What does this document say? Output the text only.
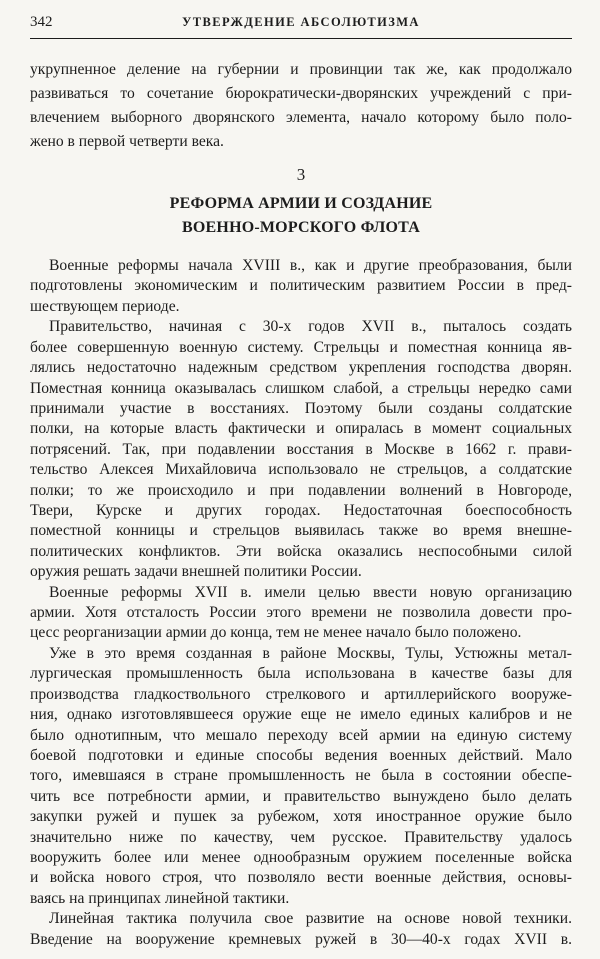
342	УТВЕРЖДЕНИЕ АБСОЛЮТИЗМА
укрупненное деление на губернии и провинции так же, как продолжало
развиваться то сочетание бюрократически-дворянских учреждений с при-
влечением выборного дворянского элемента, начало которому было поло-
жено в первой четверти века.
3
РЕФОРМА АРМИИ И СОЗДАНИЕ
ВОЕННО-МОРСКОГО ФЛОТА
Военные реформы начала XVIII в., как и другие преобразования, были
подготовлены экономическим и политическим развитием России в пред-
шествующем периоде.
Правительство, начиная с 30-х годов XVII в., пыталось создать
более совершенную военную систему. Стрельцы и поместная конница яв-
лялись недостаточно надежным средством укрепления господства дворян.
Поместная конница оказывалась слишком слабой, а стрельцы нередко сами
принимали участие в восстаниях. Поэтому были созданы солдатские
полки, на которые власть фактически и опиралась в момент социальных
потрясений. Так, при подавлении восстания в Москве в 1662 г. прави-
тельство Алексея Михайловича использовало не стрельцов, а солдатские
полки; то же происходило и при подавлении волнений в Новгороде,
Твери, Курске и других городах. Недостаточная боеспособность
поместной конницы и стрельцов выявилась также во время внешне-
политических конфликтов. Эти войска оказались неспособными силой
оружия решать задачи внешней политики России.
Военные реформы XVII в. имели целью ввести новую организацию
армии. Хотя отсталость России этого времени не позволила довести про-
цесс реорганизации армии до конца, тем не менее начало было положено.
Уже в это время созданная в районе Москвы, Тулы, Устюжны метал-
лургическая промышленность была использована в качестве базы для
производства гладкоствольного стрелкового и артиллерийского вооруже-
ния, однако изготовлявшееся оружие еще не имело единых калибров и не
было однотипным, что мешало переходу всей армии на единую систему
боевой подготовки и единые способы ведения военных действий. Мало
того, имевшаяся в стране промышленность не была в состоянии обеспе-
чить все потребности армии, и правительство вынуждено было делать
закупки ружей и пушек за рубежом, хотя иностранное оружие было
значительно ниже по качеству, чем русское. Правительству удалось
вооружить более или менее однообразным оружием поселенные войска
и войска нового строя, что позволяло вести военные действия, основы-
ваясь на принципах линейной тактики.
Линейная тактика получила свое развитие на основе новой техники.
Введение на вооружение кремневых ружей в 30—40-х годах XVII в.
